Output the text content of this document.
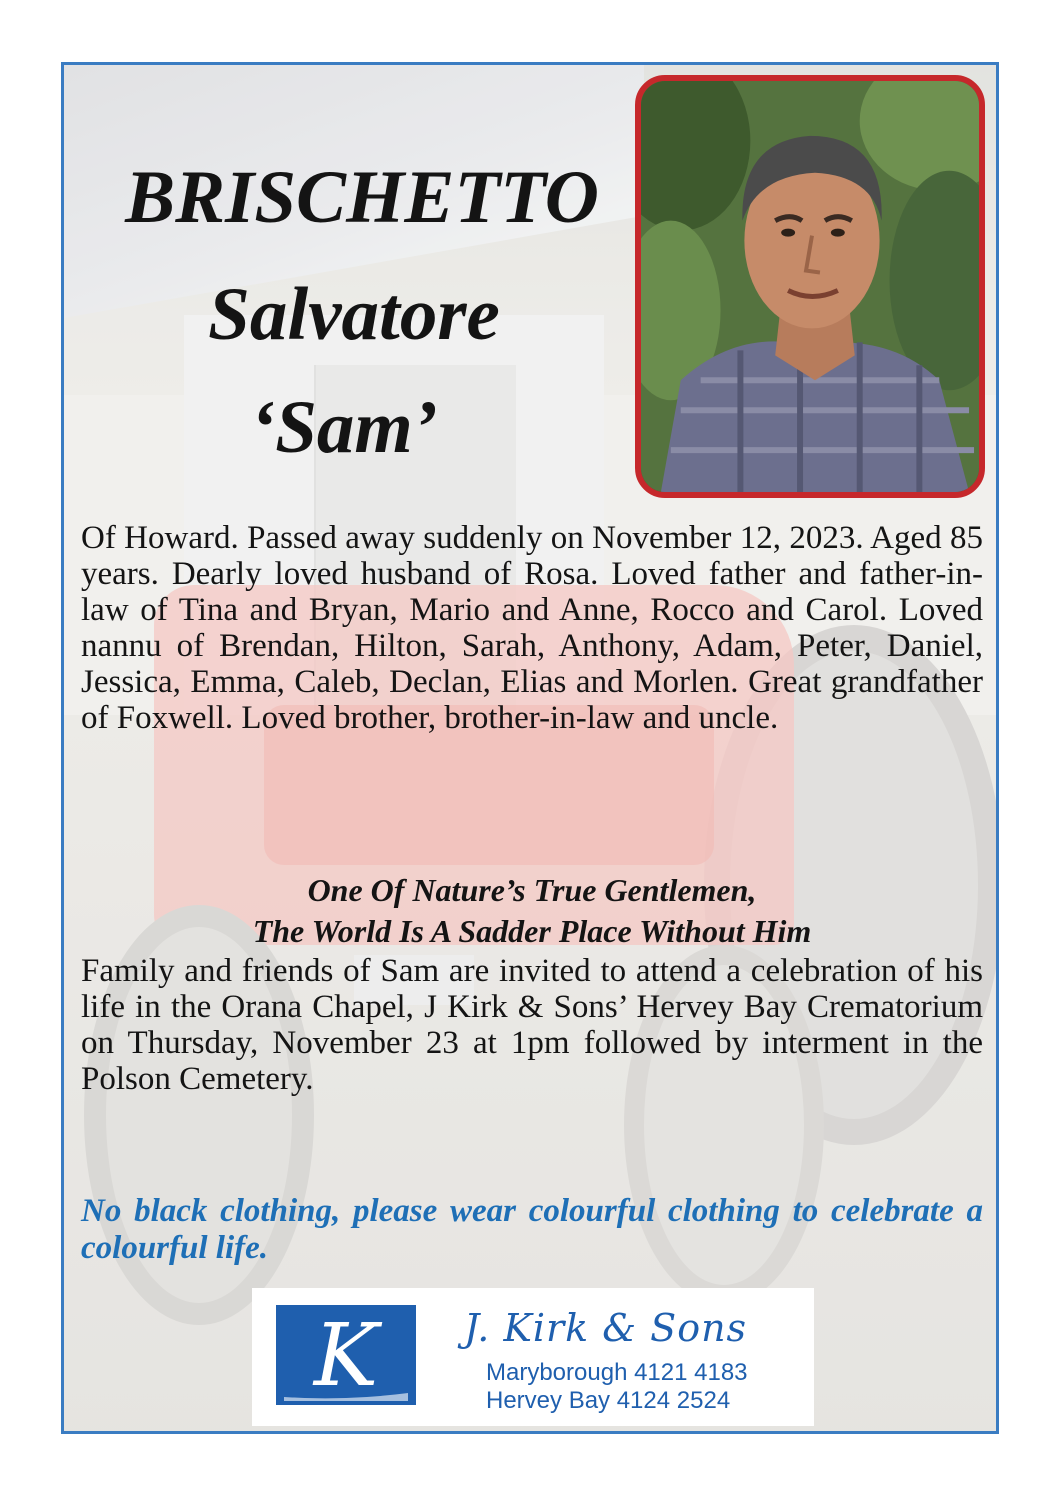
BRISCHETTO
Salvatore
‘Sam’

Of Howard. Passed away suddenly on November 12, 2023. Aged 85 years. Dearly loved husband of Rosa. Loved father and father-in-law of Tina and Bryan, Mario and Anne, Rocco and Carol. Loved nannu of Brendan, Hilton, Sarah, Anthony, Adam, Peter, Daniel, Jessica, Emma, Caleb, Declan, Elias and Morlen. Great grandfather of Foxwell. Loved brother, brother-in-law and uncle.

One Of Nature’s True Gentlemen,

The World Is A Sadder Place Without Him

Family and friends of Sam are invited to attend a celebration of his life in the Orana Chapel, J Kirk & Sons’ Hervey Bay Crematorium on Thursday, November 23 at 1pm followed by interment in the Polson Cemetery.

No black clothing, please wear colourful clothing to celebrate a colourful life.

K J. Kirk & Sons
Maryborough 4121 4183
Hervey Bay 4124 2524
